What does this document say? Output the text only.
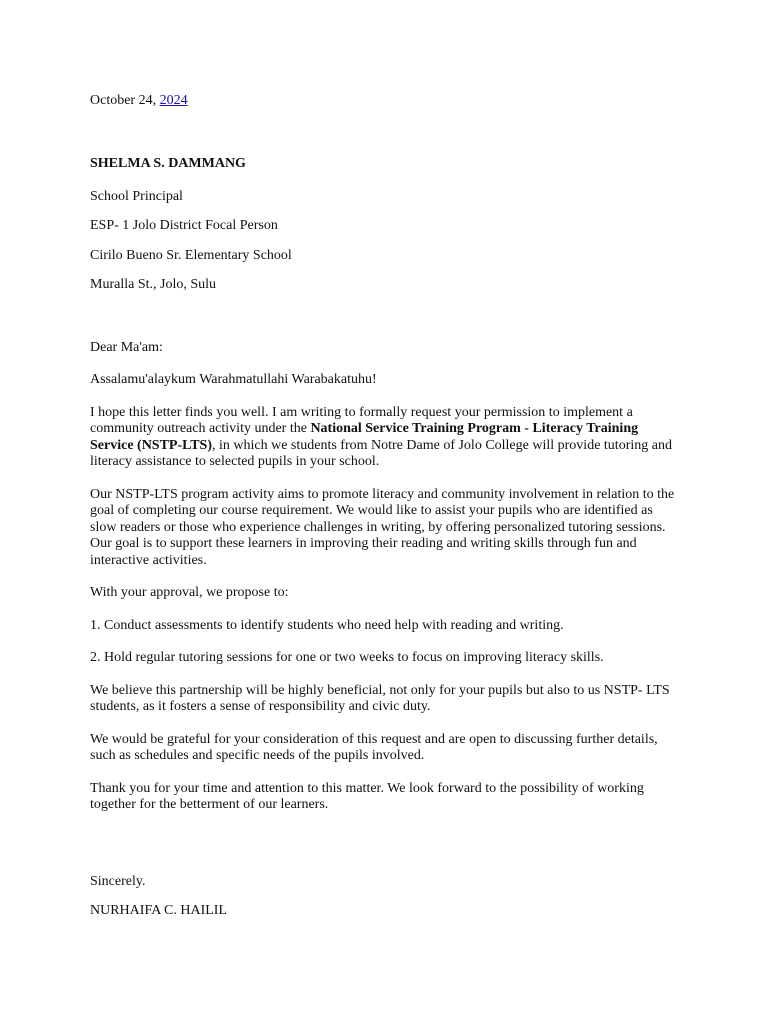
October 24, 2024
SHELMA S. DAMMANG
School Principal
ESP- 1 Jolo District Focal Person
Cirilo Bueno Sr. Elementary School
Muralla St., Jolo, Sulu
Dear Ma'am:
Assalamu'alaykum Warahmatullahi Warabakatuhu!
I hope this letter finds you well. I am writing to formally request your permission to implement a community outreach activity under the National Service Training Program - Literacy Training Service (NSTP-LTS), in which we students from Notre Dame of Jolo College will provide tutoring and literacy assistance to selected pupils in your school.
Our NSTP-LTS program activity aims to promote literacy and community involvement in relation to the goal of completing our course requirement. We would like to assist your pupils who are identified as slow readers or those who experience challenges in writing, by offering personalized tutoring sessions. Our goal is to support these learners in improving their reading and writing skills through fun and interactive activities.
With your approval, we propose to:
1. Conduct assessments to identify students who need help with reading and writing.
2. Hold regular tutoring sessions for one or two weeks to focus on improving literacy skills.
We believe this partnership will be highly beneficial, not only for your pupils but also to us NSTP- LTS students, as it fosters a sense of responsibility and civic duty.
We would be grateful for your consideration of this request and are open to discussing further details, such as schedules and specific needs of the pupils involved.
Thank you for your time and attention to this matter. We look forward to the possibility of working together for the betterment of our learners.
Sincerely.
NURHAIFA C. HAILIL
